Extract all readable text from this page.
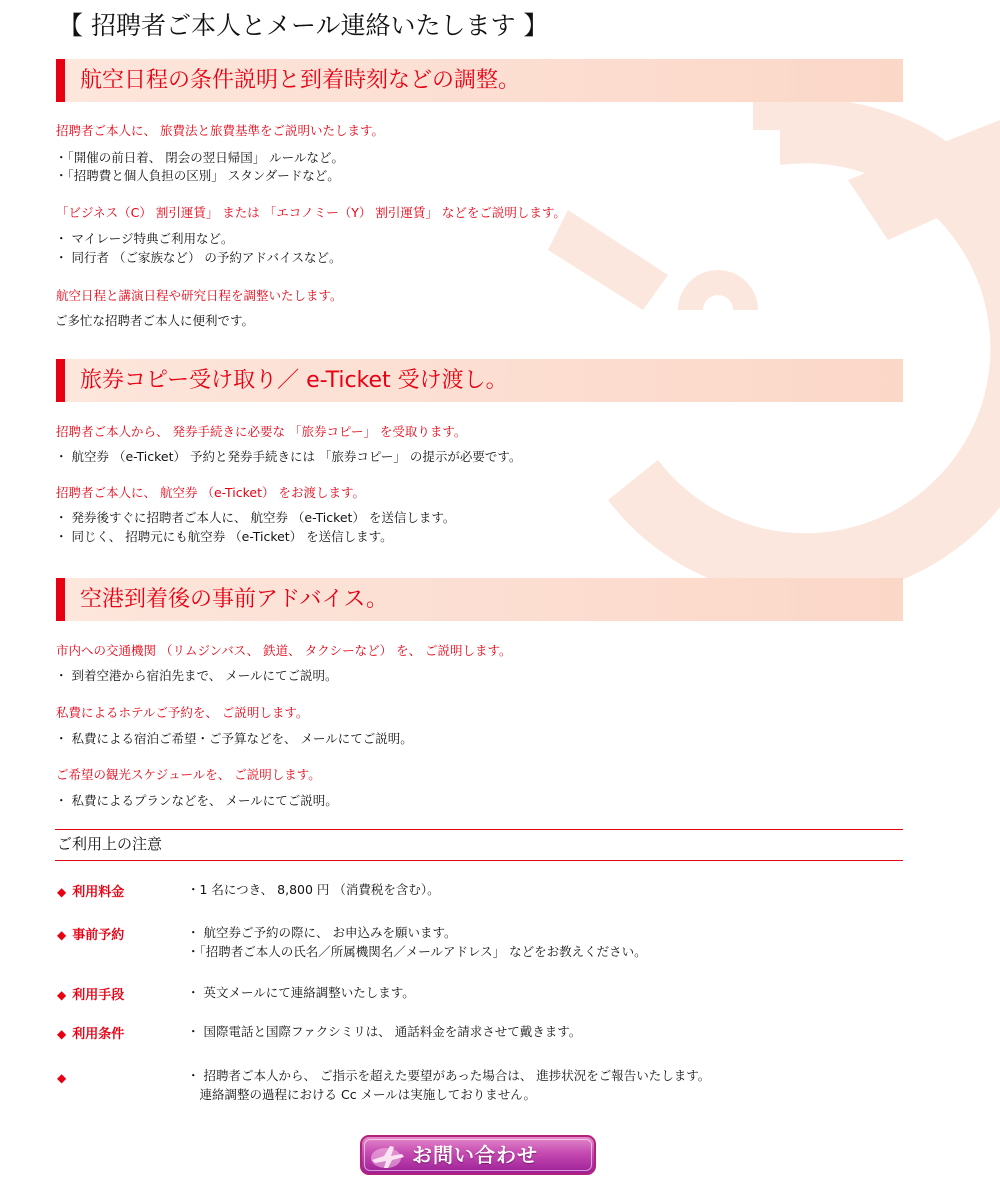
【 招聘者ご本人とメール連絡いたします 】
航空日程の条件説明と到着時刻などの調整。
招聘者ご本人に、 旅費法と旅費基準をご説明いたします。
・「開催の前日着、 閉会の翌日帰国」 ルールなど。
・「招聘費と個人負担の区別」 スタンダードなど。
「ビジネス（C） 割引運賃」 または 「エコノミー（Y） 割引運賃」 などをご説明します。
・ マイレージ特典ご利用など。
・ 同行者 （ご家族など） の予約アドバイスなど。
航空日程と講演日程や研究日程を調整いたします。
ご多忙な招聘者ご本人に便利です。
旅券コピー受け取り／ e-Ticket 受け渡し。
招聘者ご本人から、 発券手続きに必要な 「旅券コピー」 を受取ります。
・ 航空券 （e-Ticket） 予約と発券手続きには 「旅券コピー」 の提示が必要です。
招聘者ご本人に、 航空券 （e-Ticket） をお渡します。
・ 発券後すぐに招聘者ご本人に、 航空券 （e-Ticket） を送信します。
・ 同じく、 招聘元にも航空券 （e-Ticket） を送信します。
空港到着後の事前アドバイス。
市内への交通機関 （リムジンバス、 鉄道、 タクシーなど） を、 ご説明します。
・ 到着空港から宿泊先まで、 メールにてご説明。
私費によるホテルご予約を、 ご説明します。
・ 私費による宿泊ご希望・ご予算などを、 メールにてご説明。
ご希望の観光スケジュールを、 ご説明します。
・ 私費によるプランなどを、 メールにてご説明。
ご利用上の注意
◆ 利用料金	・1 名につき、 8,800 円 （消費税を含む）。
◆ 事前予約	・ 航空券ご予約の際に、 お申込みを願います。
・「招聘者ご本人の氏名／所属機関名／メールアドレス」 などをお教えください。
◆ 利用手段	・ 英文メールにて連絡調整いたします。
◆ 利用条件	・ 国際電話と国際ファクシミリは、 通話料金を請求させて戴きます。
◆	・ 招聘者ご本人から、 ご指示を超えた要望があった場合は、 進捗状況をご報告いたします。
　連絡調整の過程における Cc メールは実施しておりません。
お問い合わせ
